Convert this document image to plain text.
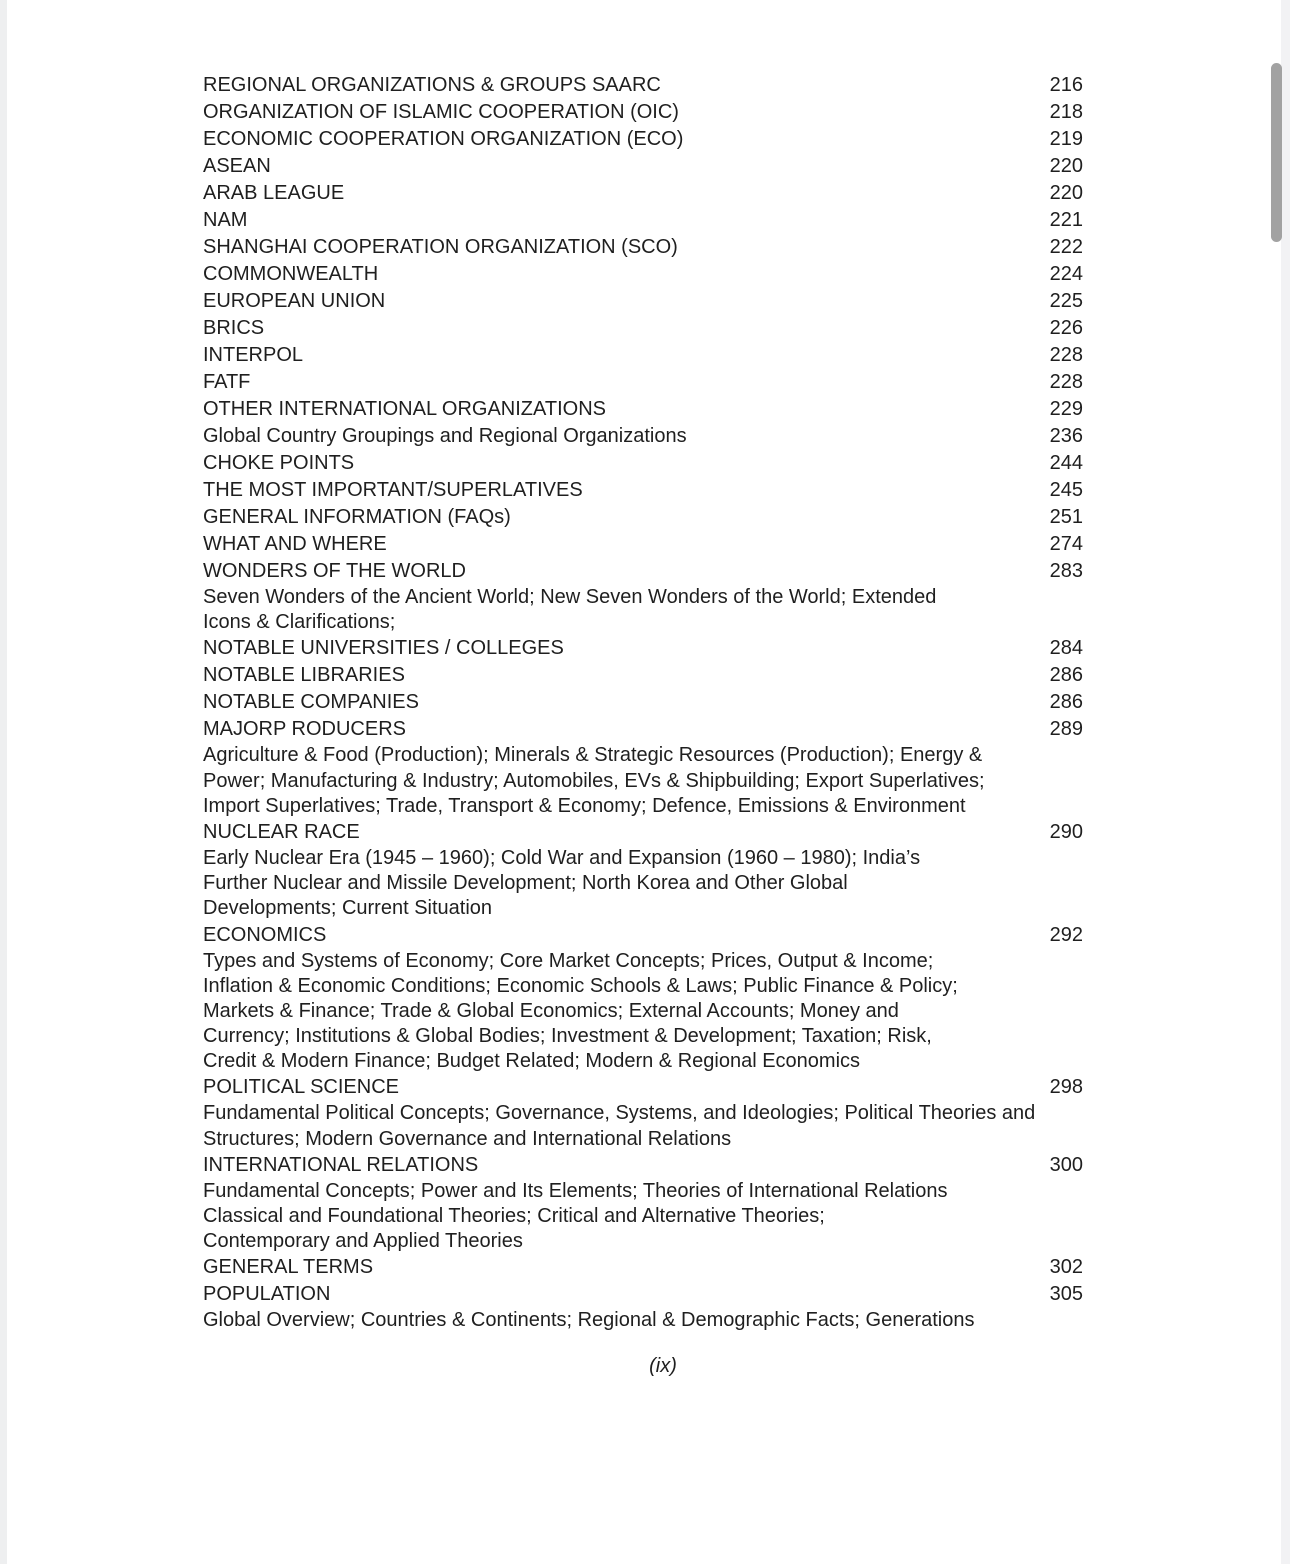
REGIONAL ORGANIZATIONS & GROUPS SAARC	216
ORGANIZATION OF ISLAMIC COOPERATION (OIC)	218
ECONOMIC COOPERATION ORGANIZATION (ECO)	219
ASEAN	220
ARAB LEAGUE	220
NAM	221
SHANGHAI COOPERATION ORGANIZATION (SCO)	222
COMMONWEALTH	224
EUROPEAN UNION	225
BRICS	226
INTERPOL	228
FATF	228
OTHER INTERNATIONAL ORGANIZATIONS	229
Global Country Groupings and Regional Organizations	236
CHOKE POINTS	244
THE MOST IMPORTANT/SUPERLATIVES	245
GENERAL INFORMATION (FAQs)	251
WHAT AND WHERE	274
WONDERS OF THE WORLD	283
Seven Wonders of the Ancient World; New Seven Wonders of the World; Extended
Icons & Clarifications;
NOTABLE UNIVERSITIES / COLLEGES	284
NOTABLE LIBRARIES	286
NOTABLE COMPANIES	286
MAJORP RODUCERS	289
Agriculture & Food (Production); Minerals & Strategic Resources (Production); Energy &
Power; Manufacturing & Industry; Automobiles, EVs & Shipbuilding; Export Superlatives;
Import Superlatives; Trade, Transport & Economy; Defence, Emissions & Environment
NUCLEAR RACE	290
Early Nuclear Era (1945 – 1960); Cold War and Expansion (1960 – 1980); India’s
Further Nuclear and Missile Development; North Korea and Other Global
Developments; Current Situation
ECONOMICS	292
Types and Systems of Economy; Core Market Concepts; Prices, Output & Income;
Inflation & Economic Conditions; Economic Schools & Laws; Public Finance & Policy;
Markets & Finance; Trade & Global Economics; External Accounts; Money and
Currency; Institutions & Global Bodies; Investment & Development; Taxation; Risk,
Credit & Modern Finance; Budget Related; Modern & Regional Economics
POLITICAL SCIENCE	298
Fundamental Political Concepts; Governance, Systems, and Ideologies; Political Theories and
Structures; Modern Governance and International Relations
INTERNATIONAL RELATIONS	300
Fundamental Concepts; Power and Its Elements; Theories of International Relations
Classical and Foundational Theories; Critical and Alternative Theories;
Contemporary and Applied Theories
GENERAL TERMS	302
POPULATION	305
Global Overview; Countries & Continents; Regional & Demographic Facts; Generations
(ix)
